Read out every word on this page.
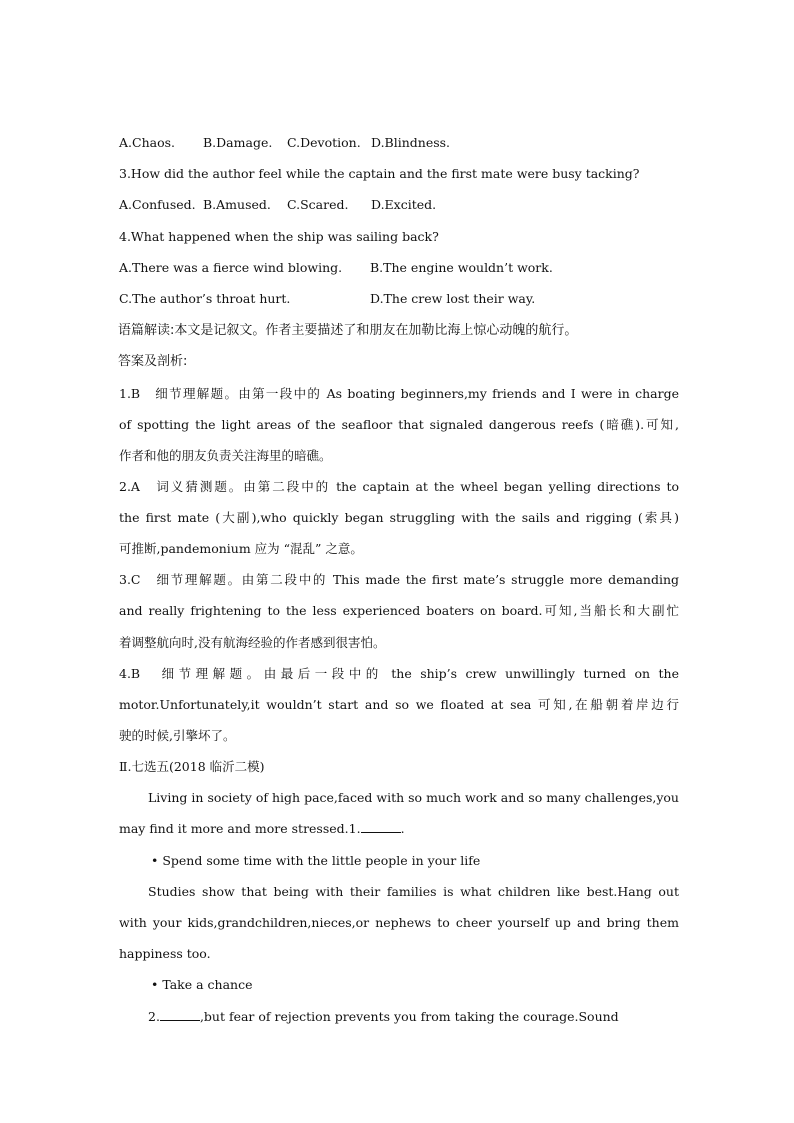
A.Chaos. B.Damage. C.Devotion. D.Blindness.
3.How did the author feel while the captain and the first mate were busy tacking?
A.Confused. B.Amused. C.Scared. D.Excited.
4.What happened when the ship was sailing back?
A.There was a fierce wind blowing. B.The engine wouldn’t work.
C.The author’s throat hurt.	D.The crew lost their way.
语篇解读:本文是记叙文。作者主要描述了和朋友在加勒比海上惊心动魄的航行。
答案及剖析:
1.B　细节理解题。由第一段中的 As boating beginners,my friends and I were in charge
of spotting the light areas of the seafloor that signaled dangerous reefs (暗礁).可知,
作者和他的朋友负责关注海里的暗礁。
2.A　词义猜测题。由第二段中的 the captain at the wheel began yelling directions to
the first mate (大副),who quickly began struggling with the sails and rigging (索具)
可推断,pandemonium 应为 “混乱” 之意。
3.C　细节理解题。由第二段中的 This made the first mate’s struggle more demanding
and really frightening to the less experienced boaters on board.可知,当船长和大副忙
着调整航向时,没有航海经验的作者感到很害怕。
4.B　细节理解题。由最后一段中的 the ship’s crew unwillingly turned on the
motor.Unfortunately,it wouldn’t start and so we floated at sea 可知,在船朝着岸边行
驶的时候,引擎坏了。
Ⅱ.七选五(2018 临沂二模)
Living in society of high pace,faced with so much work and so many challenges,you
may find it more and more stressed.1.	.
• Spend some time with the little people in your life
Studies show that being with their families is what children like best.Hang out
with your kids,grandchildren,nieces,or nephews to cheer yourself up and bring them
happiness too.
• Take a chance
2.	,but fear of rejection prevents you from taking the courage.Sound
